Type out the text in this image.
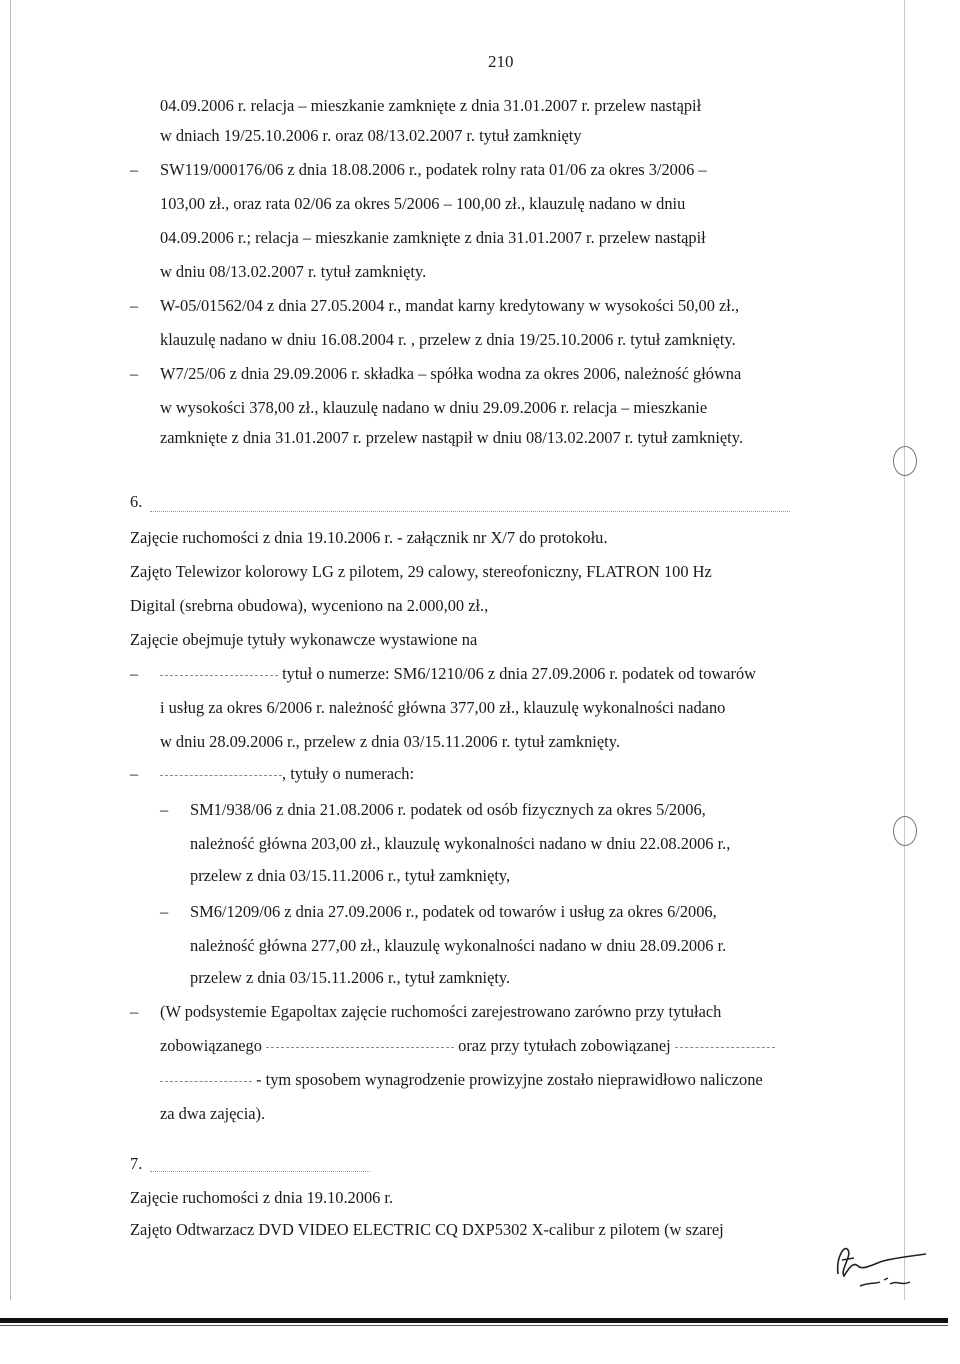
210
04.09.2006 r. relacja – mieszkanie zamknięte z dnia 31.01.2007 r. przelew nastąpił
w dniach 19/25.10.2006 r. oraz 08/13.02.2007 r. tytuł zamknięty
– SW119/000176/06 z dnia 18.08.2006 r., podatek rolny rata 01/06 za okres 3/2006 –
103,00 zł., oraz rata 02/06 za okres 5/2006 – 100,00 zł., klauzulę nadano w dniu
04.09.2006 r.; relacja – mieszkanie zamknięte z dnia 31.01.2007 r. przelew nastąpił
w dniu 08/13.02.2007 r. tytuł zamknięty.
– W-05/01562/04 z dnia 27.05.2004 r., mandat karny kredytowany w wysokości 50,00 zł.,
klauzulę nadano w dniu 16.08.2004 r. , przelew z dnia 19/25.10.2006 r. tytuł zamknięty.
– W7/25/06 z dnia 29.09.2006 r. składka – spółka wodna za okres 2006, należność główna
w wysokości 378,00 zł., klauzulę nadano w dniu 29.09.2006 r. relacja – mieszkanie
zamknięte z dnia 31.01.2007 r. przelew nastąpił w dniu 08/13.02.2007 r. tytuł zamknięty.
6.
Zajęcie ruchomości z dnia 19.10.2006 r. - załącznik nr X/7 do protokołu.
Zajęto Telewizor kolorowy LG z pilotem, 29 calowy, stereofoniczny, FLATRON 100 Hz
Digital (srebrna obudowa), wyceniono na 2.000,00 zł.,
Zajęcie obejmuje tytuły wykonawcze wystawione na
–	tytuł o numerze: SM6/1210/06 z dnia 27.09.2006 r. podatek od towarów
i usług za okres 6/2006 r. należność główna 377,00 zł., klauzulę wykonalności nadano
w dniu 28.09.2006 r., przelew z dnia 03/15.11.2006 r. tytuł zamknięty.
–	, tytuły o numerach:
– SM1/938/06 z dnia 21.08.2006 r. podatek od osób fizycznych za okres 5/2006,
należność główna 203,00 zł., klauzulę wykonalności nadano w dniu 22.08.2006 r.,
przelew z dnia 03/15.11.2006 r., tytuł zamknięty,
– SM6/1209/06 z dnia 27.09.2006 r., podatek od towarów i usług za okres 6/2006,
należność główna 277,00 zł., klauzulę wykonalności nadano w dniu 28.09.2006 r.
przelew z dnia 03/15.11.2006 r., tytuł zamknięty.
– (W podsystemie Egapoltax zajęcie ruchomości zarejestrowano zarówno przy tytułach
zobowiązanego	oraz przy tytułach zobowiązanej
- tym sposobem wynagrodzenie prowizyjne zostało nieprawidłowo naliczone
za dwa zajęcia).
7.
Zajęcie ruchomości z dnia 19.10.2006 r.
Zajęto Odtwarzacz DVD VIDEO ELECTRIC CQ DXP5302 X-calibur z pilotem (w szarej
